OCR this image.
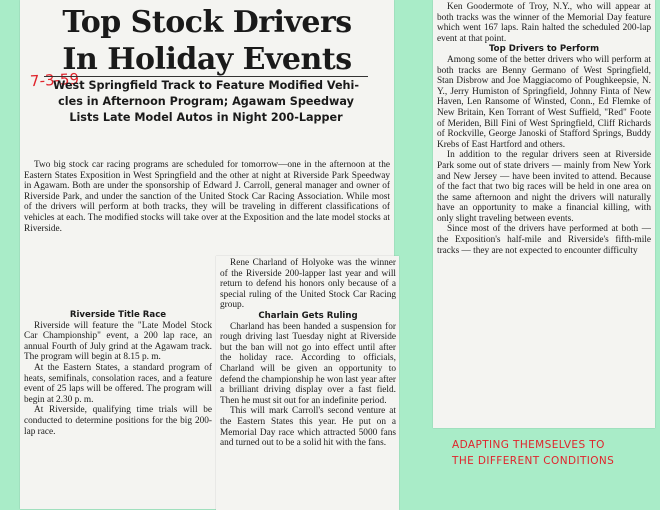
Top Stock Drivers
In Holiday Events
7-3-59
West Springfield Track to Feature Modified Vehi-
cles in Afternoon Program; Agawam Speedway
Lists Late Model Autos in Night 200-Lapper

Two big stock car racing programs are scheduled for tomorrow—one in the afternoon at the Eastern States Exposition in West Springfield and the other at night at Riverside Park Speedway in Agawam. Both are under the sponsorship of Edward J. Carroll, general manager and owner of Riverside Park, and under the sanction of the United Stock Car Racing Association. While most of the drivers will perform at both tracks, they will be traveling in different classifications of vehicles at each. The modified stocks will take over at the Exposition and the late model stocks at Riverside.

Riverside Title Race

Riverside will feature the "Late Model Stock Car Championship" event, a 200 lap race, an annual Fourth of July grind at the Agawam track. The program will begin at 8.15 p. m.

At the Eastern States, a standard program of heats, semifinals, consolation races, and a feature event of 25 laps will be offered. The program will begin at 2.30 p. m.

At Riverside, qualifying time trials will be conducted to determine positions for the big 200-lap race.

Rene Charland of Holyoke was the winner of the Riverside 200-lapper last year and will return to defend his honors only because of a special ruling of the United Stock Car Racing group.

Charlain Gets Ruling

Charland has been handed a suspension for rough driving last Tuesday night at Riverside but the ban will not go into effect until after the holiday race. According to officials, Charland will be given an opportunity to defend the championship he won last year after a brilliant driving display over a fast field. Then he must sit out for an indefinite period.

This will mark Carroll's second venture at the Eastern States this year. He put on a Memorial Day race which attracted 5000 fans and turned out to be a solid hit with the fans.

Ken Goodermote of Troy, N.Y., who will appear at both tracks was the winner of the Memorial Day feature which went 167 laps. Rain halted the scheduled 200-lap event at that point.

Top Drivers to Perform

Among some of the better drivers who will perform at both tracks are Benny Germano of West Springfield, Stan Disbrow and Joe Maggiacomo of Poughkeepsie, N. Y., Jerry Humiston of Springfield, Johnny Finta of New Haven, Len Ransome of Winsted, Conn., Ed Flemke of New Britain, Ken Torrant of West Suffield, "Red" Foote of Meriden, Bill Fini of West Springfield, Cliff Richards of Rockville, George Janoski of Stafford Springs, Buddy Krebs of East Hartford and others.

In addition to the regular drivers seen at Riverside Park some out of state drivers — mainly from New York and New Jersey — have been invited to attend. Because of the fact that two big races will be held in one area on the same afternoon and night the drivers will naturally have an opportunity to make a financial killing, with only slight traveling between events.

Since most of the drivers have performed at both — the Exposition's half-mile and Riverside's fifth-mile tracks — they are not expected to encounter difficulty

ADAPTING THEMSELVES TO
THE DIFFERENT CONDITIONS
